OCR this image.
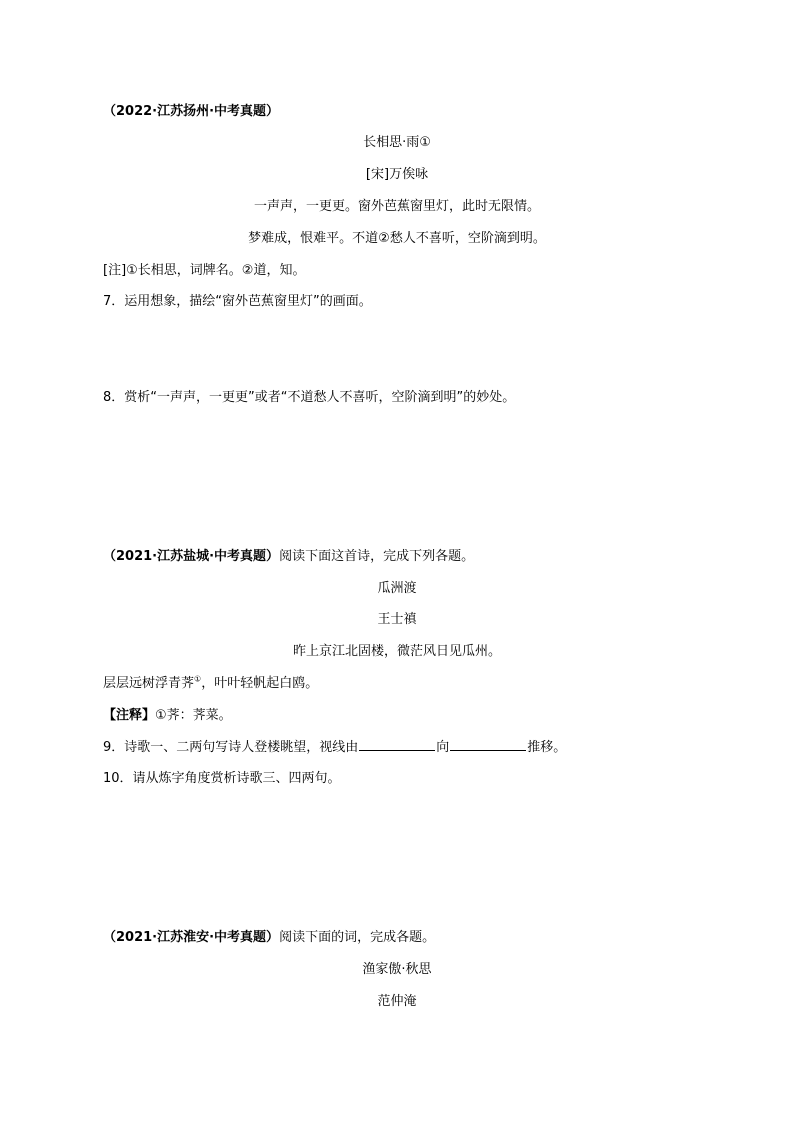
（2022·江苏扬州·中考真题）
长相思·雨①
[宋]万俟咏
一声声，一更更。窗外芭蕉窗里灯，此时无限情。
梦难成，恨难平。不道②愁人不喜听，空阶滴到明。
[注]①长相思，词牌名。②道，知。
7．运用想象，描绘“窗外芭蕉窗里灯”的画面。
8．赏析“一声声，一更更”或者“不道愁人不喜听，空阶滴到明”的妙处。
（2021·江苏盐城·中考真题）阅读下面这首诗，完成下列各题。
瓜洲渡
王士禛
昨上京江北固楼，微茫风日见瓜州。
层层远树浮青荠①，叶叶轻帆起白鸥。
【注释】①荠：荠菜。
9．诗歌一、二两句写诗人登楼眺望，视线由	向	推移。
10．请从炼字角度赏析诗歌三、四两句。
（2021·江苏淮安·中考真题）阅读下面的词，完成各题。
渔家傲·秋思
范仲淹
